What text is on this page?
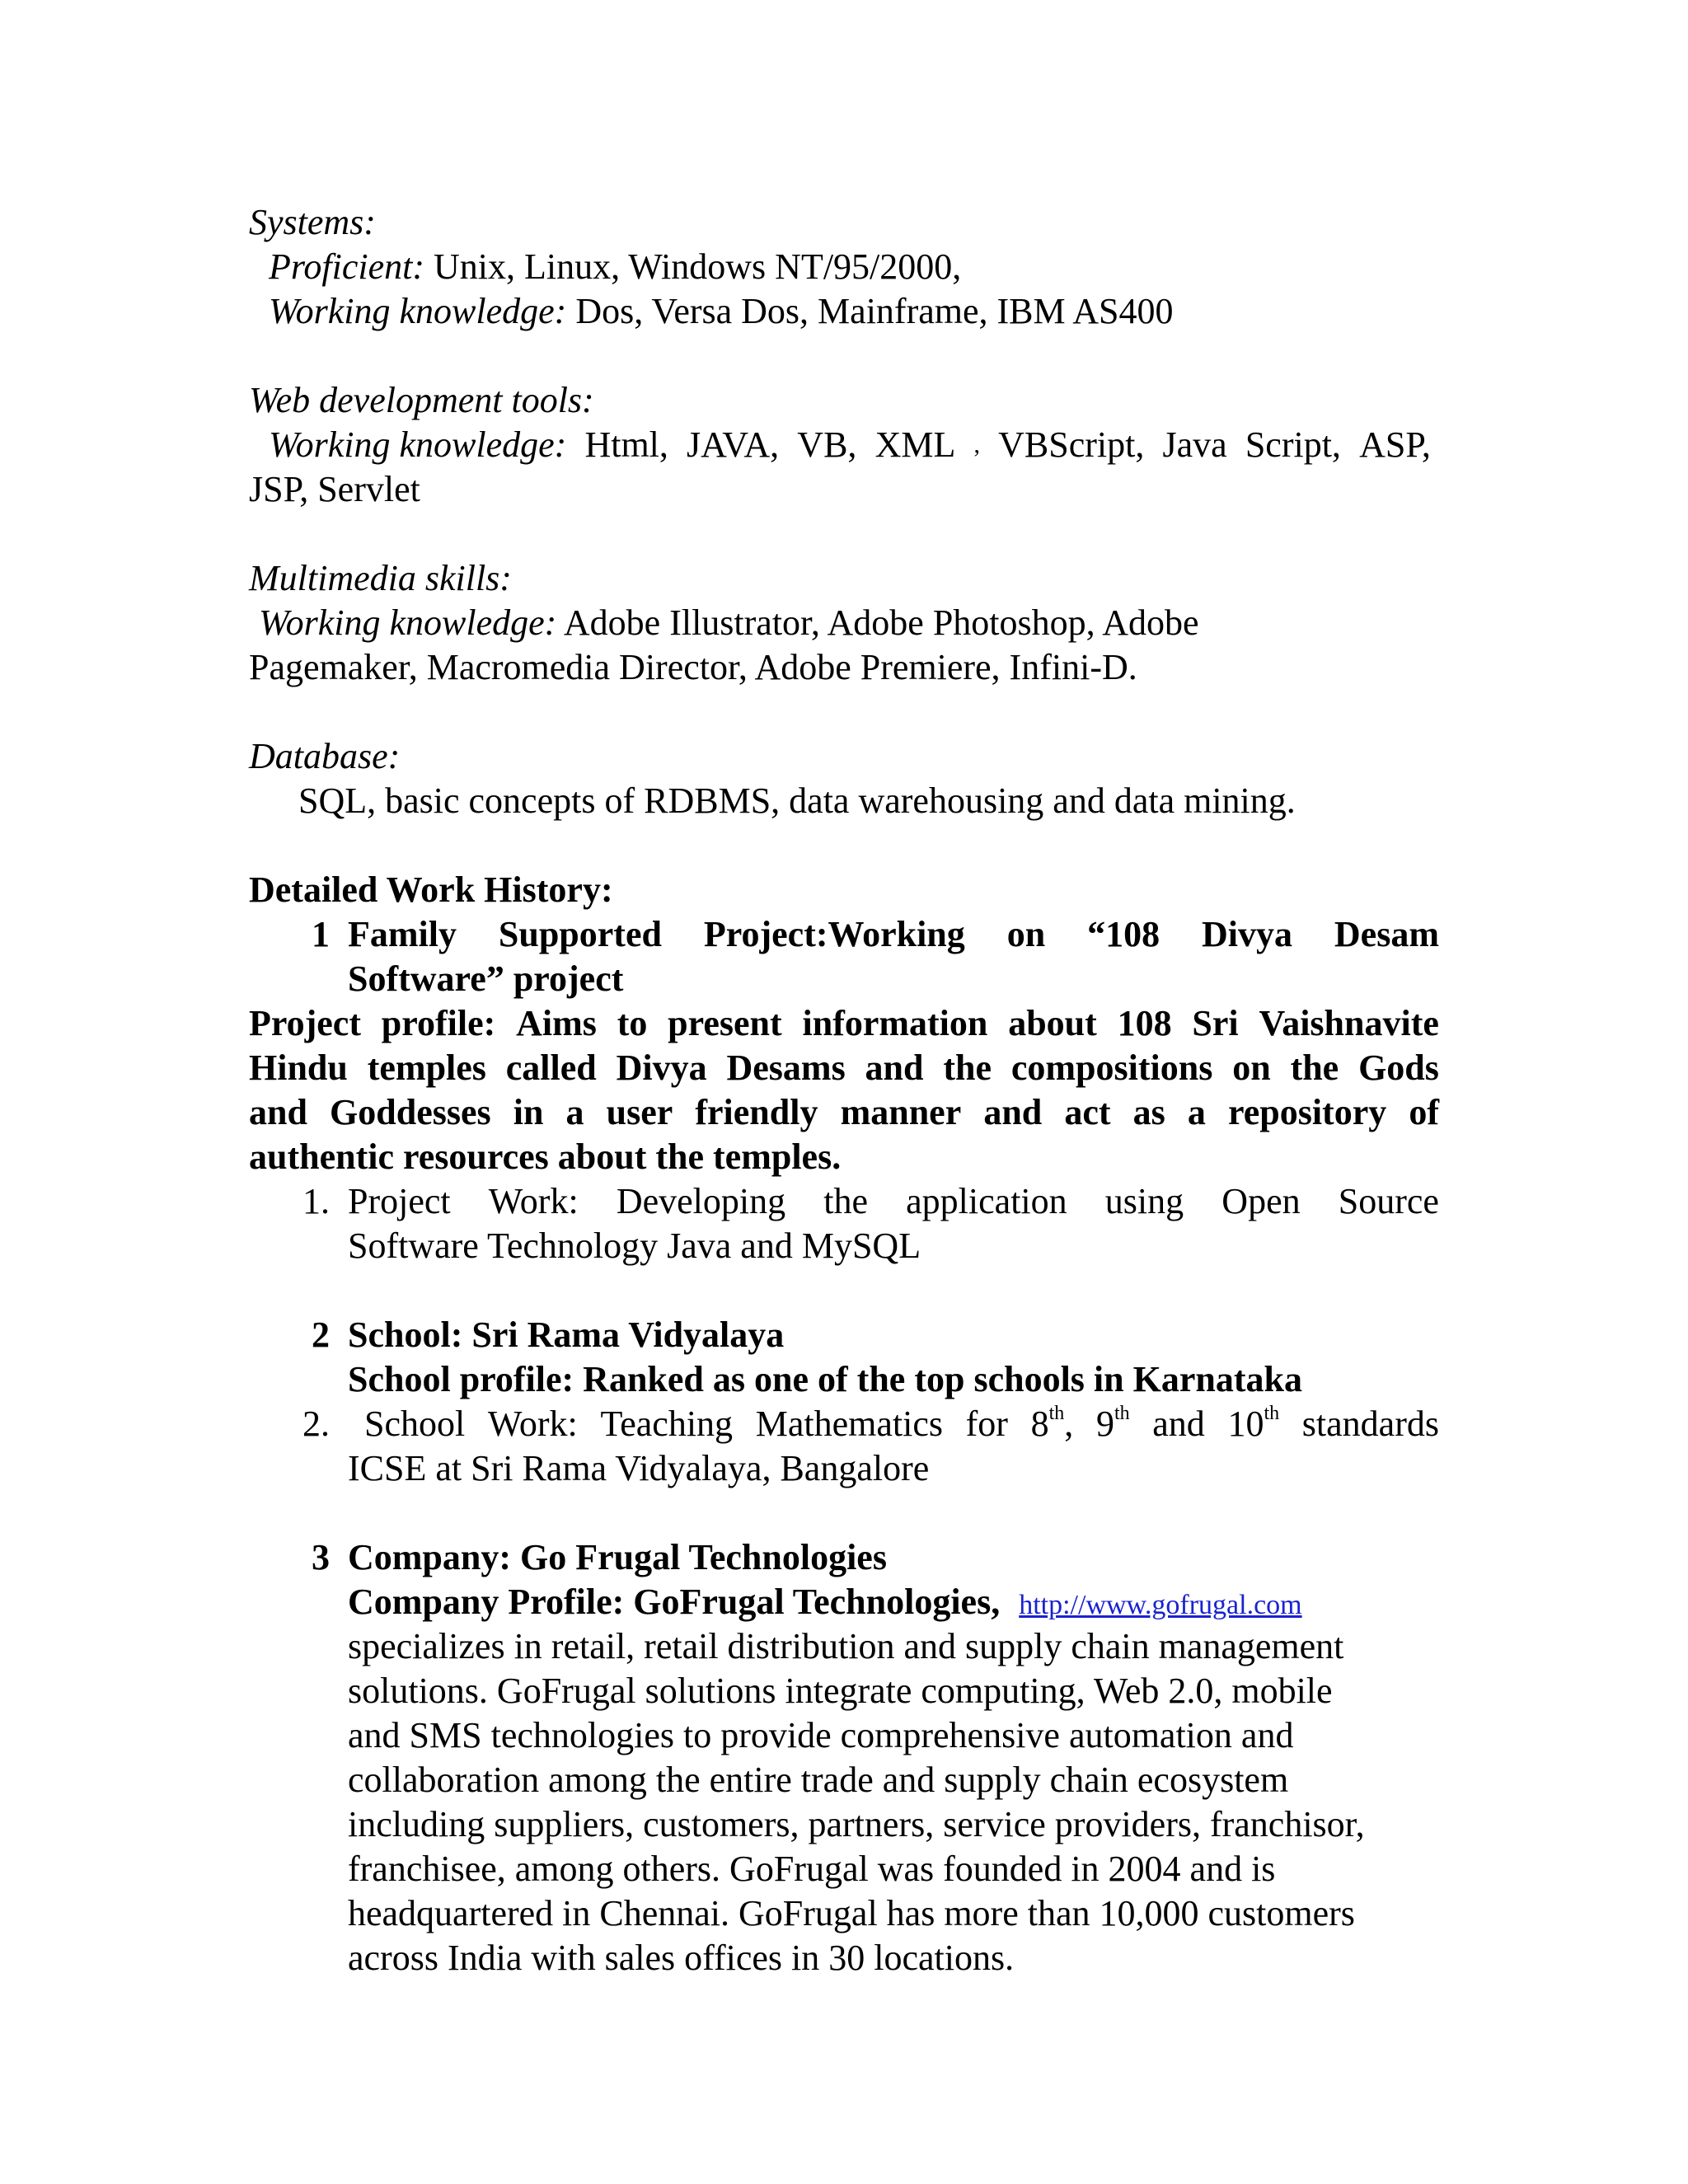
Systems:
Proficient: Unix, Linux, Windows NT/95/2000,
Working knowledge: Dos, Versa Dos, Mainframe, IBM AS400
Web development tools:
Working knowledge: Html, JAVA, VB, XML , VBScript, Java Script, ASP,
JSP, Servlet
Multimedia skills:
Working knowledge: Adobe Illustrator, Adobe Photoshop, Adobe
Pagemaker, Macromedia Director, Adobe Premiere, Infini-D.
Database:
SQL, basic concepts of RDBMS, data warehousing and data mining.
Detailed Work History:
1 Family Supported Project:Working on “108 Divya Desam
Software” project
Project profile: Aims to present information about 108 Sri Vaishnavite
Hindu temples called Divya Desams and the compositions on the Gods
and Goddesses in a user friendly manner and act as a repository of
authentic resources about the temples.
1. Project Work: Developing the application using Open Source
Software Technology Java and MySQL
2 School: Sri Rama Vidyalaya
School profile: Ranked as one of the top schools in Karnataka
2. School Work: Teaching Mathematics for 8th, 9th and 10th standards
ICSE at Sri Rama Vidyalaya, Bangalore
3 Company: Go Frugal Technologies
Company Profile: GoFrugal Technologies, http://www.gofrugal.com
specializes in retail, retail distribution and supply chain management
solutions. GoFrugal solutions integrate computing, Web 2.0, mobile
and SMS technologies to provide comprehensive automation and
collaboration among the entire trade and supply chain ecosystem
including suppliers, customers, partners, service providers, franchisor,
franchisee, among others. GoFrugal was founded in 2004 and is
headquartered in Chennai. GoFrugal has more than 10,000 customers
across India with sales offices in 30 locations.
